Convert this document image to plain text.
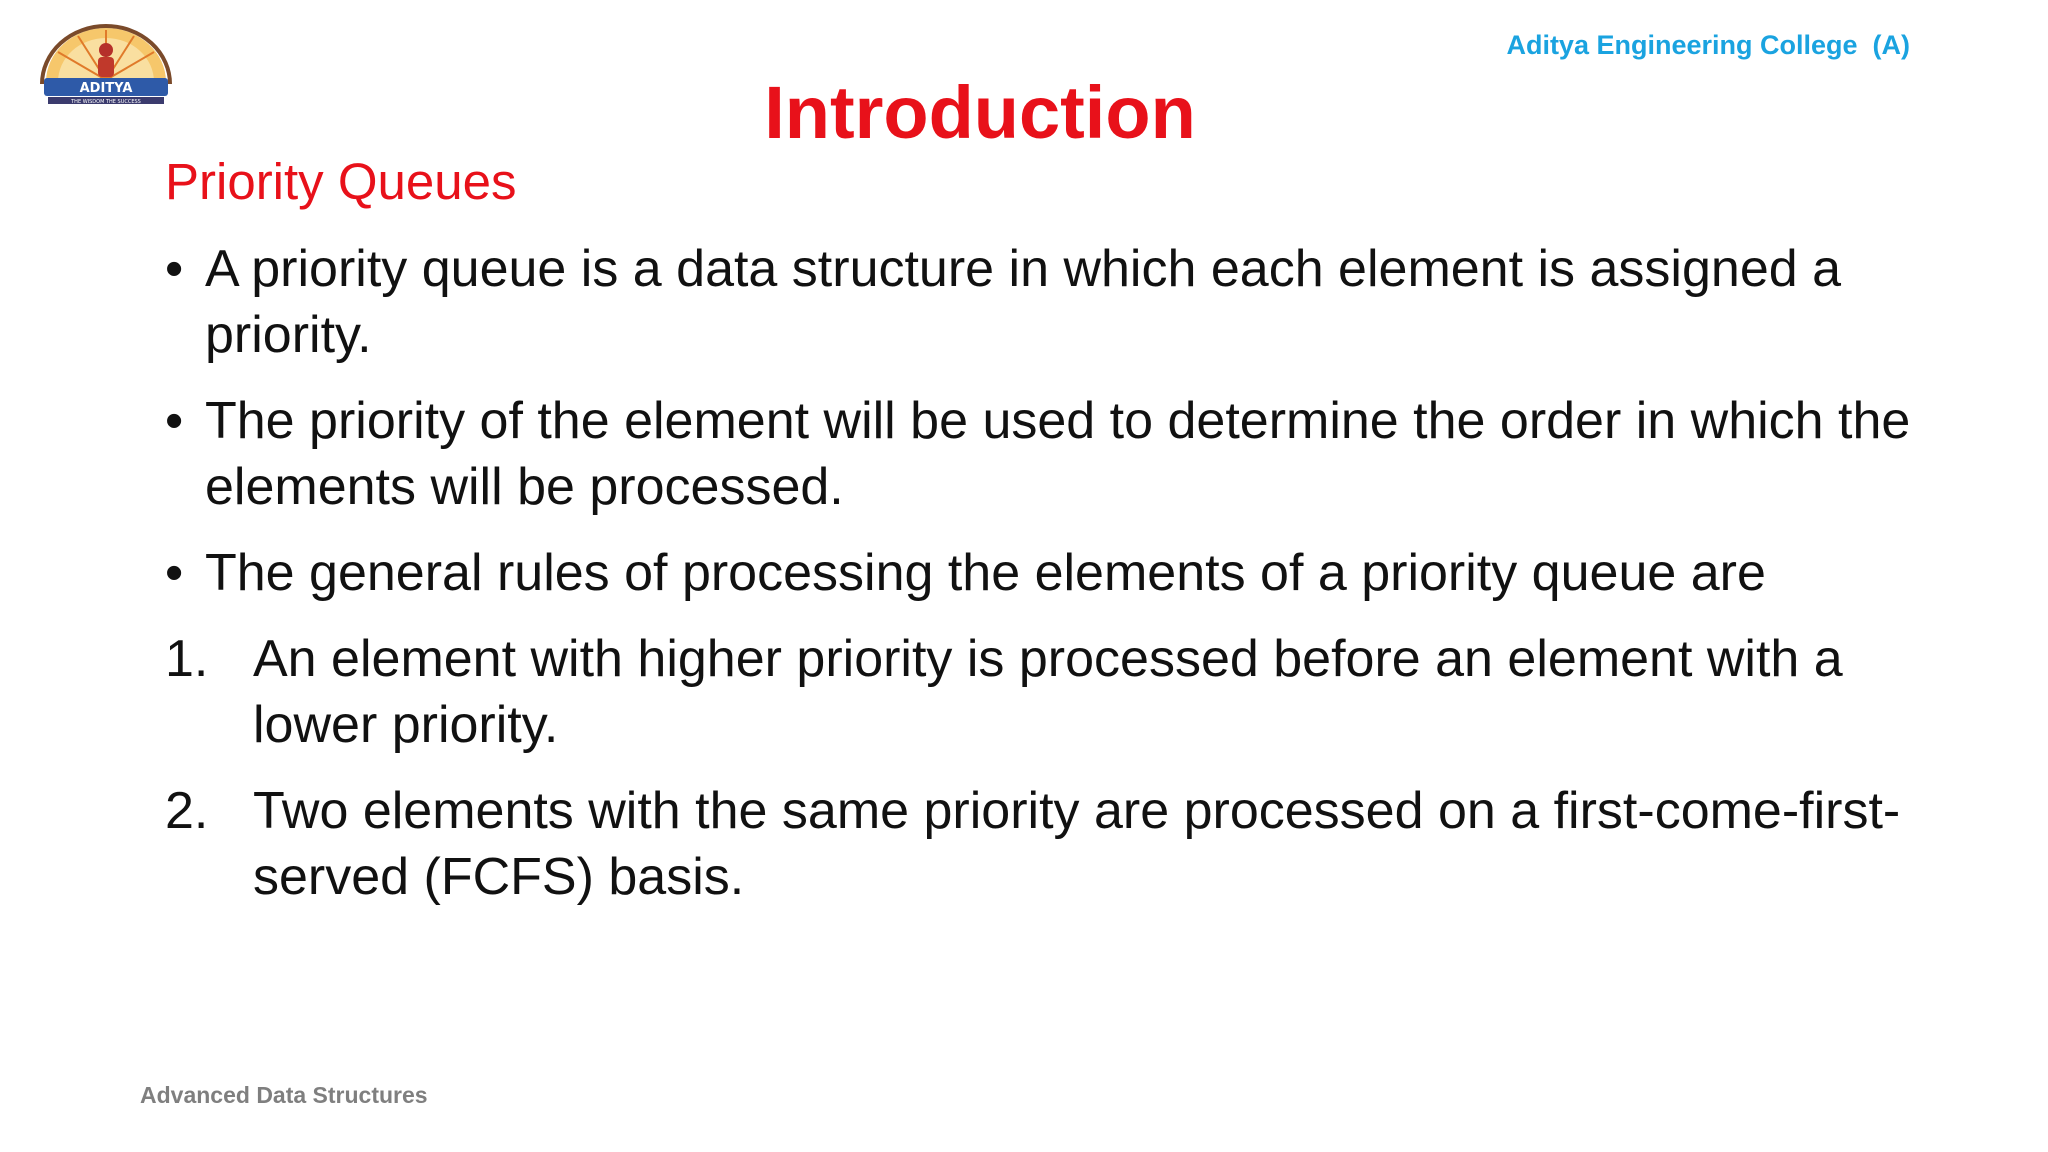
ADITYA
THE WISDOM THE SUCCESS
Aditya Engineering College  (A)
Introduction
Priority Queues
• A priority queue is a data structure in which each element is assigned a priority.
• The priority of the element will be used to determine the order in which the elements will be processed.
• The general rules of processing the elements of a priority queue are
1. An element with higher priority is processed before an element with a lower priority.
2. Two elements with the same priority are processed on a first-come-first-served (FCFS) basis.
Advanced Data Structures
